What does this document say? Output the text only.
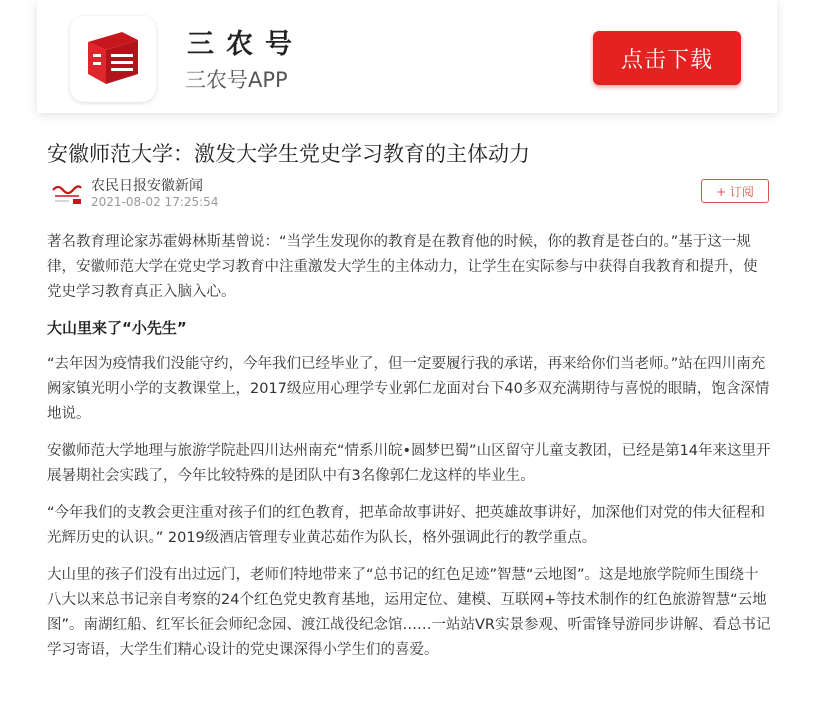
三农号
三农号APP
点击下载
安徽师范大学：激发大学生党史学习教育的主体动力
农民日报安徽新闻
2021-08-02 17:25:54
+ 订阅

著名教育理论家苏霍姆林斯基曾说：“当学生发现你的教育是在教育他的时候，你的教育是苍白的。”基于这一规律，安徽师范大学在党史学习教育中注重激发大学生的主体动力，让学生在实际参与中获得自我教育和提升，使党史学习教育真正入脑入心。

大山里来了“小先生”

“去年因为疫情我们没能守约，今年我们已经毕业了，但一定要履行我的承诺，再来给你们当老师。”站在四川南充阙家镇光明小学的支教课堂上，2017级应用心理学专业郭仁龙面对台下40多双充满期待与喜悦的眼睛，饱含深情地说。

安徽师范大学地理与旅游学院赴四川达州南充“情系川皖•圆梦巴蜀”山区留守儿童支教团，已经是第14年来这里开展暑期社会实践了，今年比较特殊的是团队中有3名像郭仁龙这样的毕业生。

“今年我们的支教会更注重对孩子们的红色教育，把革命故事讲好、把英雄故事讲好，加深他们对党的伟大征程和光辉历史的认识。” 2019级酒店管理专业黄芯茹作为队长，格外强调此行的教学重点。

大山里的孩子们没有出过远门，老师们特地带来了“总书记的红色足迹”智慧“云地图”。这是地旅学院师生围绕十八大以来总书记亲自考察的24个红色党史教育基地，运用定位、建模、互联网+等技术制作的红色旅游智慧“云地图”。南湖红船、红军长征会师纪念园、渡江战役纪念馆……一站站VR实景参观、听雷锋导游同步讲解、看总书记学习寄语，大学生们精心设计的党史课深得小学生们的喜爱。
